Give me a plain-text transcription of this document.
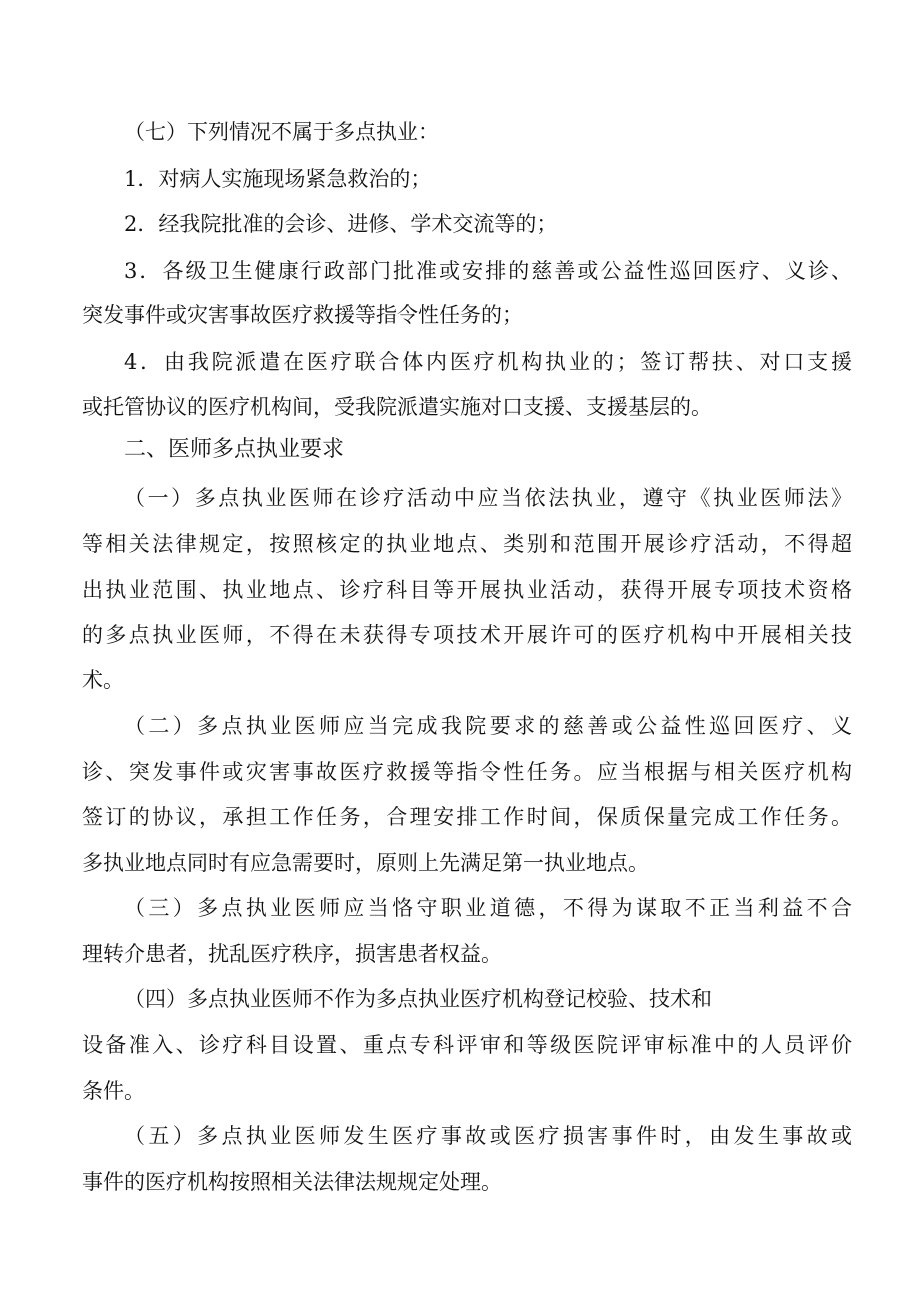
（七）下列情况不属于多点执业：
1．对病人实施现场紧急救治的；
2．经我院批准的会诊、进修、学术交流等的；
3．各级卫生健康行政部门批准或安排的慈善或公益性巡回医疗、义诊、
突发事件或灾害事故医疗救援等指令性任务的；
4．由我院派遣在医疗联合体内医疗机构执业的；签订帮扶、对口支援
或托管协议的医疗机构间，受我院派遣实施对口支援、支援基层的。
二、医师多点执业要求
（一）多点执业医师在诊疗活动中应当依法执业，遵守《执业医师法》
等相关法律规定，按照核定的执业地点、类别和范围开展诊疗活动，不得超
出执业范围、执业地点、诊疗科目等开展执业活动，获得开展专项技术资格
的多点执业医师，不得在未获得专项技术开展许可的医疗机构中开展相关技
术。
（二）多点执业医师应当完成我院要求的慈善或公益性巡回医疗、义
诊、突发事件或灾害事故医疗救援等指令性任务。应当根据与相关医疗机构
签订的协议，承担工作任务，合理安排工作时间，保质保量完成工作任务。
多执业地点同时有应急需要时，原则上先满足第一执业地点。
（三）多点执业医师应当恪守职业道德，不得为谋取不正当利益不合
理转介患者，扰乱医疗秩序，损害患者权益。
（四）多点执业医师不作为多点执业医疗机构登记校验、技术和
设备准入、诊疗科目设置、重点专科评审和等级医院评审标准中的人员评价
条件。
（五）多点执业医师发生医疗事故或医疗损害事件时，由发生事故或
事件的医疗机构按照相关法律法规规定处理。
